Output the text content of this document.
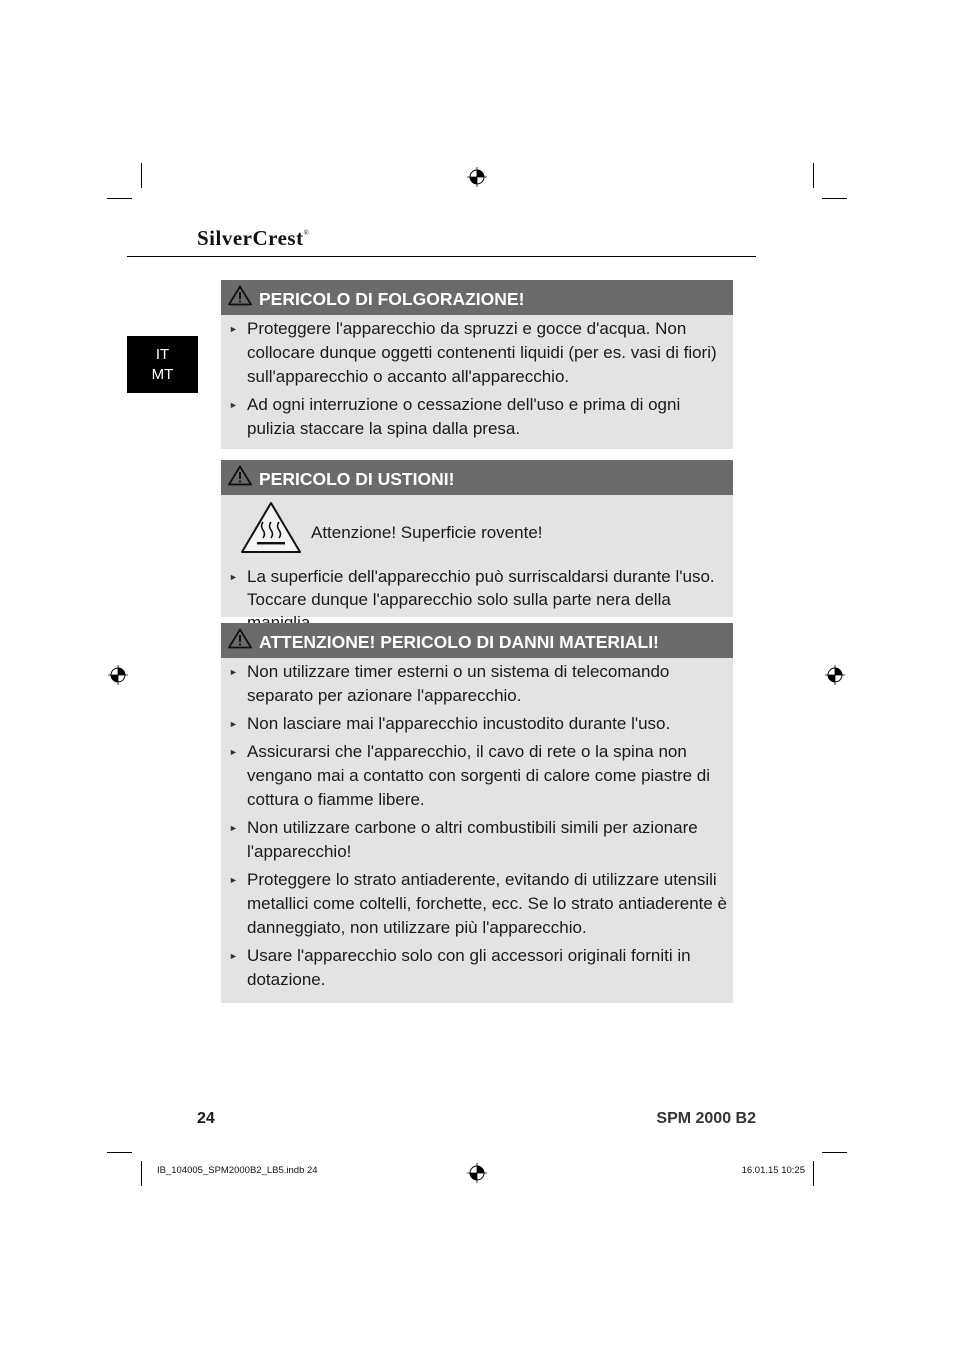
SilverCrest®
IT
MT
PERICOLO DI FOLGORAZIONE!
► Proteggere l'apparecchio da spruzzi e gocce d'acqua. Non collocare dunque oggetti contenenti liquidi (per es. vasi di fiori) sull'apparecchio o accanto all'apparecchio.
► Ad ogni interruzione o cessazione dell'uso e prima di ogni pulizia staccare la spina dalla presa.
PERICOLO DI USTIONI!
Attenzione! Superficie rovente!
► La superficie dell'apparecchio può surriscaldarsi durante l'uso. Toccare dunque l'apparecchio solo sulla parte nera della
ATTENZIONE! PERICOLO DI DANNI MATERIALI!
► Non utilizzare timer esterni o un sistema di telecomando separato per azionare l'apparecchio.
► Non lasciare mai l'apparecchio incustodito durante l'uso.
► Assicurarsi che l'apparecchio, il cavo di rete o la spina non vengano mai a contatto con sorgenti di calore come piastre di cottura o fiamme libere.
► Non utilizzare carbone o altri combustibili simili per azionare l'apparecchio!
► Proteggere lo strato antiaderente, evitando di utilizzare utensili metallici come coltelli, forchette, ecc. Se lo strato antiaderente è danneggiato, non utilizzare più l'apparecchio.
► Usare l'apparecchio solo con gli accessori originali forniti in dotazione.
24	SPM 2000 B2
IB_104005_SPM2000B2_LB5.indb 24	16.01.15 10:25
